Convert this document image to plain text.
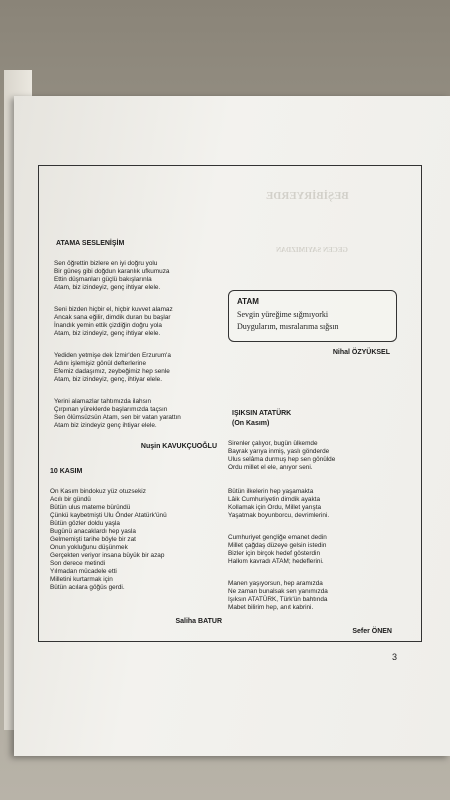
BEŞİBİRYERDE
GECEN SAYIMIZDAN
ATAMA SESLENİŞİM
Sen öğrettin bizlere en iyi doğru yolu
Bir güneş gibi doğdun karanlık ufkumuza
Ettin düşmanları güçlü bakışlarınla
Atam, biz izindeyiz, genç ihtiyar elele.
Seni bizden hiçbir el, hiçbir kuvvet alamaz
Ancak sana eğilir, dimdik duran bu başlar
İnandık yemin ettik çizdiğin doğru yola
Atam, biz izindeyiz, genç ihtiyar elele.
Yediden yetmişe dek İzmir'den Erzurum'a
Adını işlemişiz gönül defterlerine
Efemiz dadaşımız, zeybeğimiz hep senle
Atam, biz izindeyiz, genç, ihtiyar elele.
Yerini alamazlar tahtımızda ilahsın
Çırpınan yüreklerde başlarımızda taçsın
Sen ölümsüzsün Atam, sen bir vatan yarattın
Atam biz izindeyiz genç ihtiyar elele.
Nuşin KAVUKÇUOĞLU
10 KASIM
On Kasım bindokuz yüz otuzsekiz
Acılı bir gündü
Bütün ulus mateme büründü
Çünkü kaybetmişti Ulu Önder Atatürk'ünü
Bütün gözler doldu yaşla
Bugünü anacaklardı hep yasla
Gelmemişti tarihe böyle bir zat
Onun yokluğunu düşünmek
Gerçekten veriyor insana büyük bir azap
Son derece metindi
Yılmadan mücadele etti
Milletini kurtarmak için
Bütün acılara göğüs gerdi.
Saliha BATUR
ATAM
Sevgin yüreğime sığmıyorki
Duygularım, mısralarıma sığsın
Nihal ÖZYÜKSEL
IŞIKSIN ATATÜRK
(On Kasım)
Sirenler çalıyor, bugün ülkemde
Bayrak yarıya inmiş, yaslı gönderde
Ulus selâma durmuş hep sen gönülde
Ordu millet el ele, anıyor seni.
Bütün ilkelerin hep yaşamakta
Lâik Cumhuriyetin dimdik ayakta
Kollamak için Ordu, Millet yarışta
Yaşatmak boyunborcu, devrimlerini.
Cumhuriyet gençliğe emanet dedin
Millet çağdaş düzeye gelsin istedin
Bizler için birçok hedef gösterdin
Halkım kavradı ATAM; hedeflerini.
Manen yaşıyorsun, hep aramızda
Ne zaman bunalsak sen yanımızda
Işıksın ATATÜRK, Türk'ün bahtında
Mabet bilirim hep, anıt kabrini.
Sefer ÖNEN
3
